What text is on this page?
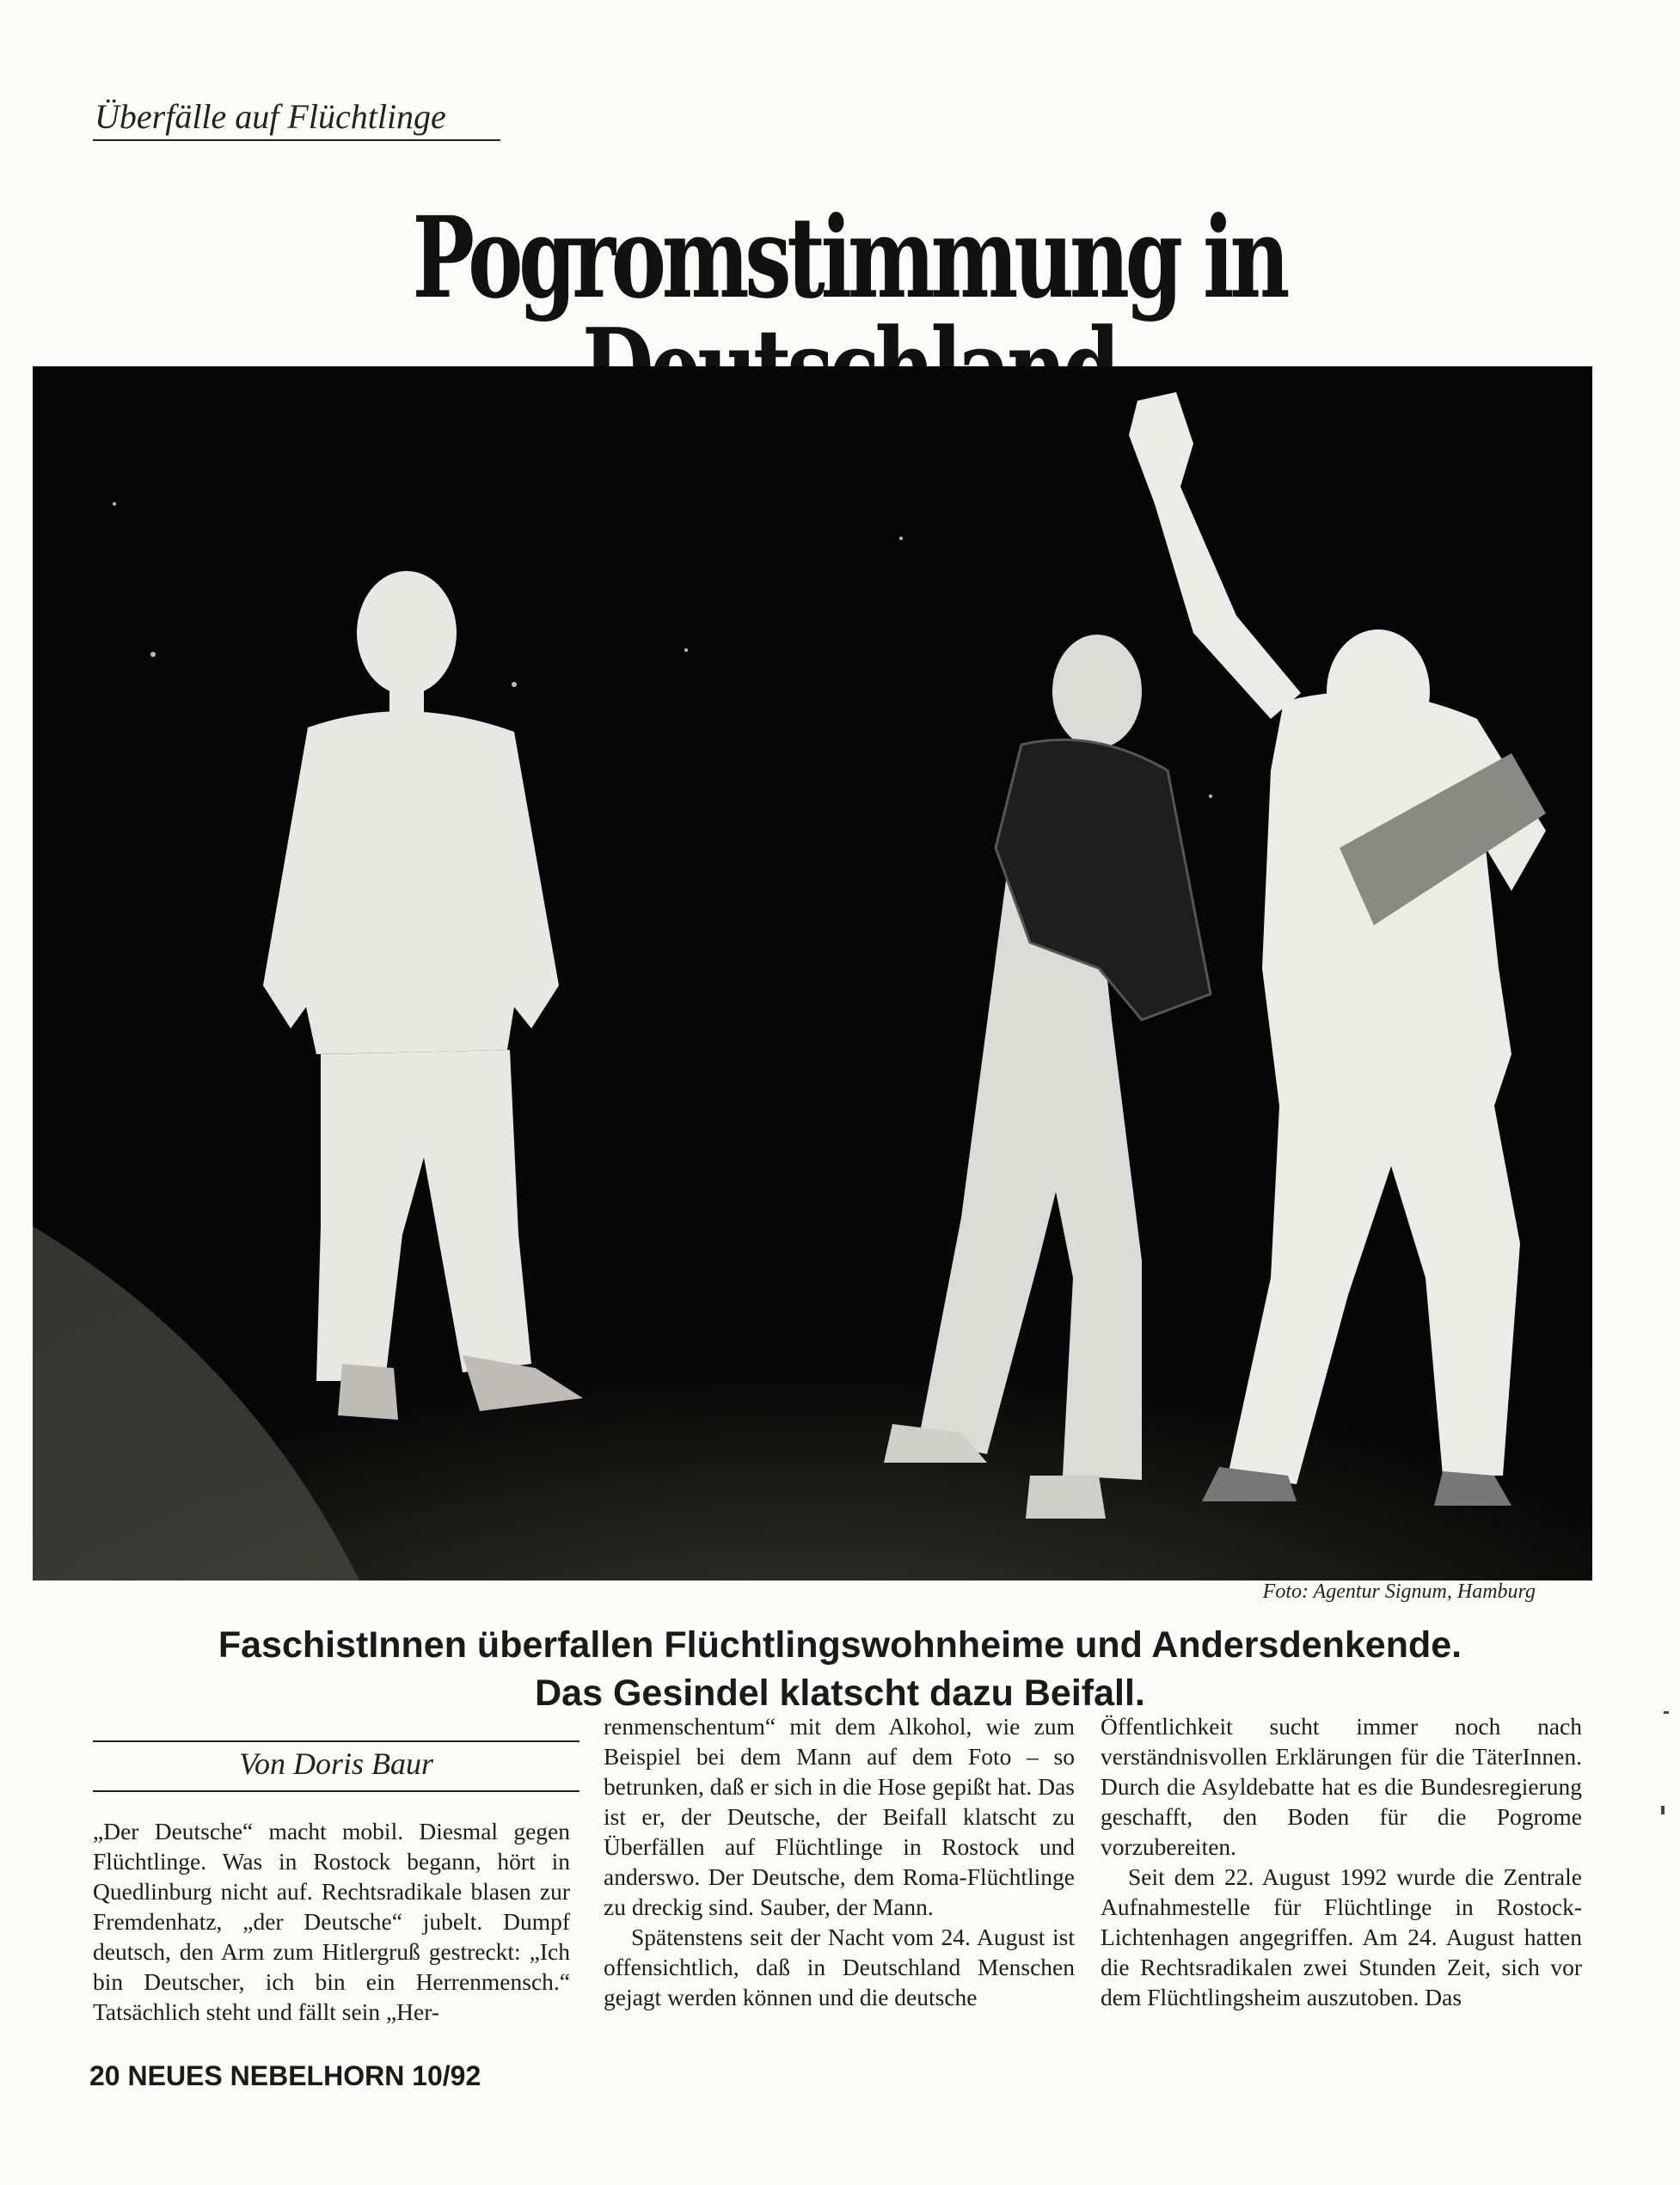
Überfälle auf Flüchtlinge
Pogromstimmung in
Foto: Agentur Signum, Hamburg
FaschistInnen überfallen Flüchtlingswohnheime und Andersdenkende.
Das Gesindel klatscht dazu Beifall.
Von Doris Baur

„Der Deutsche“ macht mobil. Diesmal gegen Flüchtlinge. Was in Rostock begann, hört in Quedlinburg nicht auf. Rechtsradikale blasen zur Fremdenhatz, „der Deutsche“ jubelt. Dumpf deutsch, den Arm zum Hitlergruß gestreckt: „Ich bin Deutscher, ich bin ein Herrenmensch.“ Tatsächlich steht und fällt sein „Her-

renmenschentum“ mit dem Alkohol, wie zum Beispiel bei dem Mann auf dem Foto – so betrunken, daß er sich in die Hose gepißt hat. Das ist er, der Deutsche, der Beifall klatscht zu Überfällen auf Flüchtlinge in Rostock und anderswo. Der Deutsche, dem Roma-Flüchtlinge zu dreckig sind. Sauber, der Mann.

Spätenstens seit der Nacht vom 24. August ist offensichtlich, daß in Deutschland Menschen gejagt werden können und die deutsche

Öffentlichkeit sucht immer noch nach verständnisvollen Erklärungen für die TäterInnen. Durch die Asyldebatte hat es die Bundesregierung geschafft, den Boden für die Pogrome vorzubereiten.

Seit dem 22. August 1992 wurde die Zentrale Aufnahmestelle für Flüchtlinge in Rostock-Lichtenhagen angegriffen. Am 24. August hatten die Rechtsradikalen zwei Stunden Zeit, sich vor dem Flüchtlingsheim auszutoben. Das

20 NEUES NEBELHORN 10/92
